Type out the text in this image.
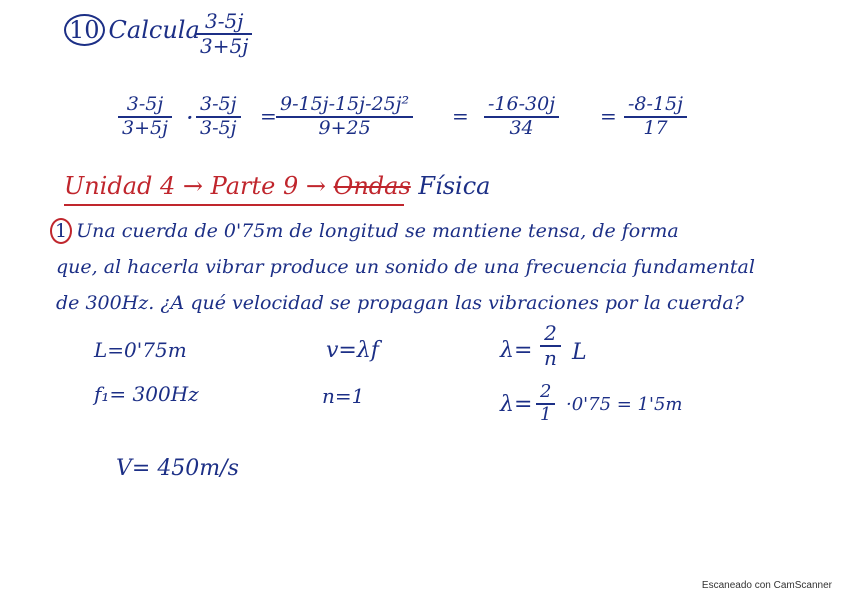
10 Calcula
$\frac{3-5j}{3+5j}$
$\frac{3-5j}{3+5j} \cdot \frac{3-5j}{3-5j} = \frac{\text{9-15j-15j-25j²}}{9+25} = \frac{-16-30j}{34} = \frac{-8-15j}{17}$
Unidad 4 → Parte 9 → Ondas Física
1 Una cuerda de 0'75m de longitud se mantiene tensa, de forma
que, al hacerla vibrar produce un sonido de una frecuencia fundamental
de 300Hz. ¿A qué velocidad se propagan las vibraciones por la cuerda?
L=0'75m
f₁= 300Hz
v=λf
n=1
$\lambda= \frac{2}{n}$ L
$\lambda= \frac{2}{1} \cdot 0'75 = 1'5m$
V= 450m/s
Escaneado con CamScanner
